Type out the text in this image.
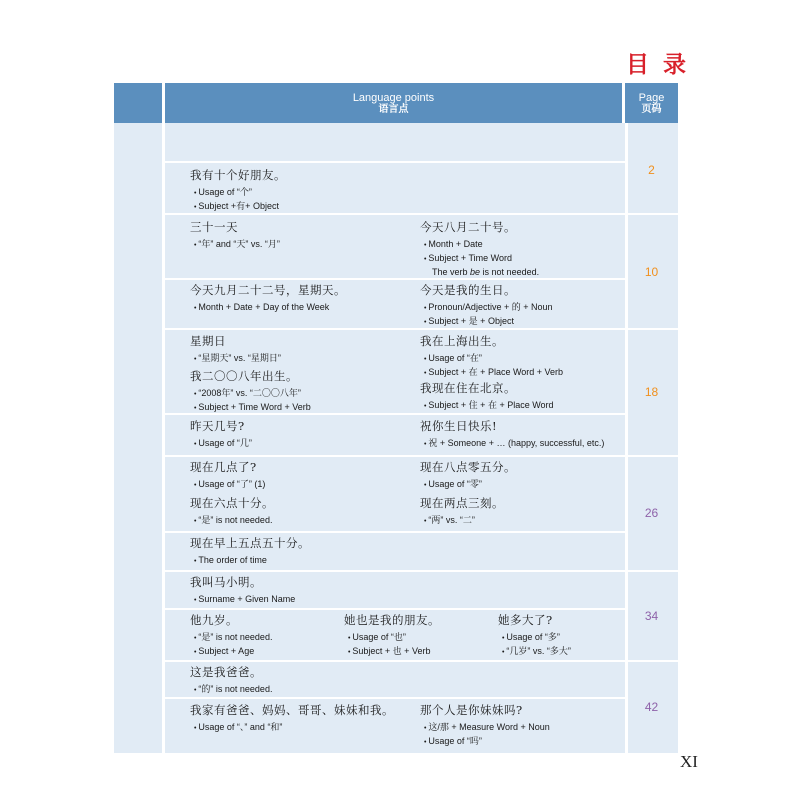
目 录
Language points
语言点
Page
页码
2
10
18
26
34
42
我有十个好朋友。
• Usage of “个”
• Subject +有+ Object
三十一天
• “年” and “天” vs. “月”
今天八月二十号。
• Month + Date
• Subject + Time Word
The verb be is not needed.
今天九月二十二号，星期天。
• Month + Date + Day of the Week
今天是我的生日。
• Pronoun/Adjective + 的 + Noun
• Subject + 是 + Object
星期日
• “星期天” vs. “星期日”
我在上海出生。
• Usage of “在”
• Subject + 在 + Place Word + Verb
我二〇〇八年出生。
• “2008年” vs. “二〇〇八年”
• Subject + Time Word + Verb
我现在住在北京。
• Subject + 住 + 在 + Place Word
昨天几号?
• Usage of “几”
祝你生日快乐!
• 祝 + Someone + … (happy, successful, etc.)
现在几点了?
• Usage of “了” (1)
现在八点零五分。
• Usage of “零”
现在六点十分。
• “是” is not needed.
现在两点三刻。
• “两” vs. “二”
现在早上五点五十分。
• The order of time
我叫马小明。
• Surname + Given Name
他九岁。
• “是” is not needed.
• Subject + Age
她也是我的朋友。
• Usage of “也”
• Subject + 也 + Verb
她多大了?
• Usage of “多”
• “几岁” vs. “多大”
这是我爸爸。
• “的” is not needed.
我家有爸爸、妈妈、哥哥、妹妹和我。
• Usage of “、” and “和”
那个人是你妹妹吗?
• 这/那 + Measure Word + Noun
• Usage of “吗”
XI
